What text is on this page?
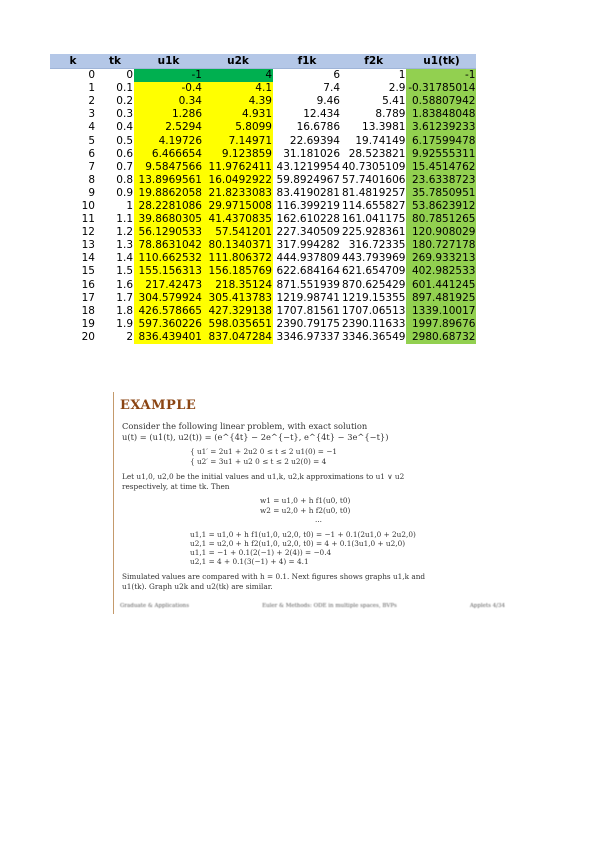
k	tk	u1k	u2k	f1k	f2k	u1(tk)
0	0	-1	4	6	1	-1
1	0.1	-0.4	4.1	7.4	2.9	-0.31785014
2	0.2	0.34	4.39	9.46	5.41	0.58807942
3	0.3	1.286	4.931	12.434	8.789	1.83848048
4	0.4	2.5294	5.8099	16.6786	13.3981	3.61239233
5	0.5	4.19726	7.14971	22.69394	19.74149	6.17599478
6	0.6	6.466654	9.123859	31.181026	28.523821	9.92555311
7	0.7	9.5847566	11.9762411	43.1219954	40.7305109	15.4514762
8	0.8	13.8969561	16.0492922	59.8924967	57.7401606	23.6338723
9	0.9	19.8862058	21.8233083	83.4190281	81.4819257	35.7850951
10	1	28.2281086	29.9715008	116.399219	114.655827	53.8623912
11	1.1	39.8680305	41.4370835	162.610228	161.041175	80.7851265
12	1.2	56.1290533	57.541201	227.340509	225.928361	120.908029
13	1.3	78.8631042	80.1340371	317.994282	316.72335	180.727178
14	1.4	110.662532	111.806372	444.937809	443.793969	269.933213
15	1.5	155.156313	156.185769	622.684164	621.654709	402.982533
16	1.6	217.42473	218.35124	871.551939	870.625429	601.441245
17	1.7	304.579924	305.413783	1219.98741	1219.15355	897.481925
18	1.8	426.578665	427.329138	1707.81561	1707.06513	1339.10017
19	1.9	597.360226	598.035651	2390.79175	2390.11633	1997.89676
20	2	836.439401	837.047284	3346.97337	3346.36549	2980.68732
EXAMPLE
Consider the following linear problem, with exact solution
u(t) = (u1(t), u2(t)) = (e^{4t} − 2e^{−t}, e^{4t} − 3e^{−t})
{ u1′ = 2u1 + 2u2 0 ≤ t ≤ 2 u1(0) = −1
{ u2′ = 3u1 + u2 0 ≤ t ≤ 2 u2(0) = 4
Let u1,0, u2,0 be the initial values and u1,k, u2,k approximations to u1 ∨ u2
respectively, at time tk. Then
w1 = u1,0 + h f1(u0, t0)
w2 = u2,0 + h f2(u0, t0)
...
u1,1 = u1,0 + h f1(u1,0, u2,0, t0) = −1 + 0.1(2u1,0 + 2u2,0)
u2,1 = u2,0 + h f2(u1,0, u2,0, t0) = 4 + 0.1(3u1,0 + u2,0)
u1,1 = −1 + 0.1(2(−1) + 2(4)) = −0.4
u2,1 = 4 + 0.1(3(−1) + 4) = 4.1
Simulated values are compared with h = 0.1. Next figures shows graphs u1,k and
u1(tk). Graph u2k and u2(tk) are similar.
Graduate & Applications	Euler & Methods: ODE in multiple spaces, BVPs	Applets 4/34
